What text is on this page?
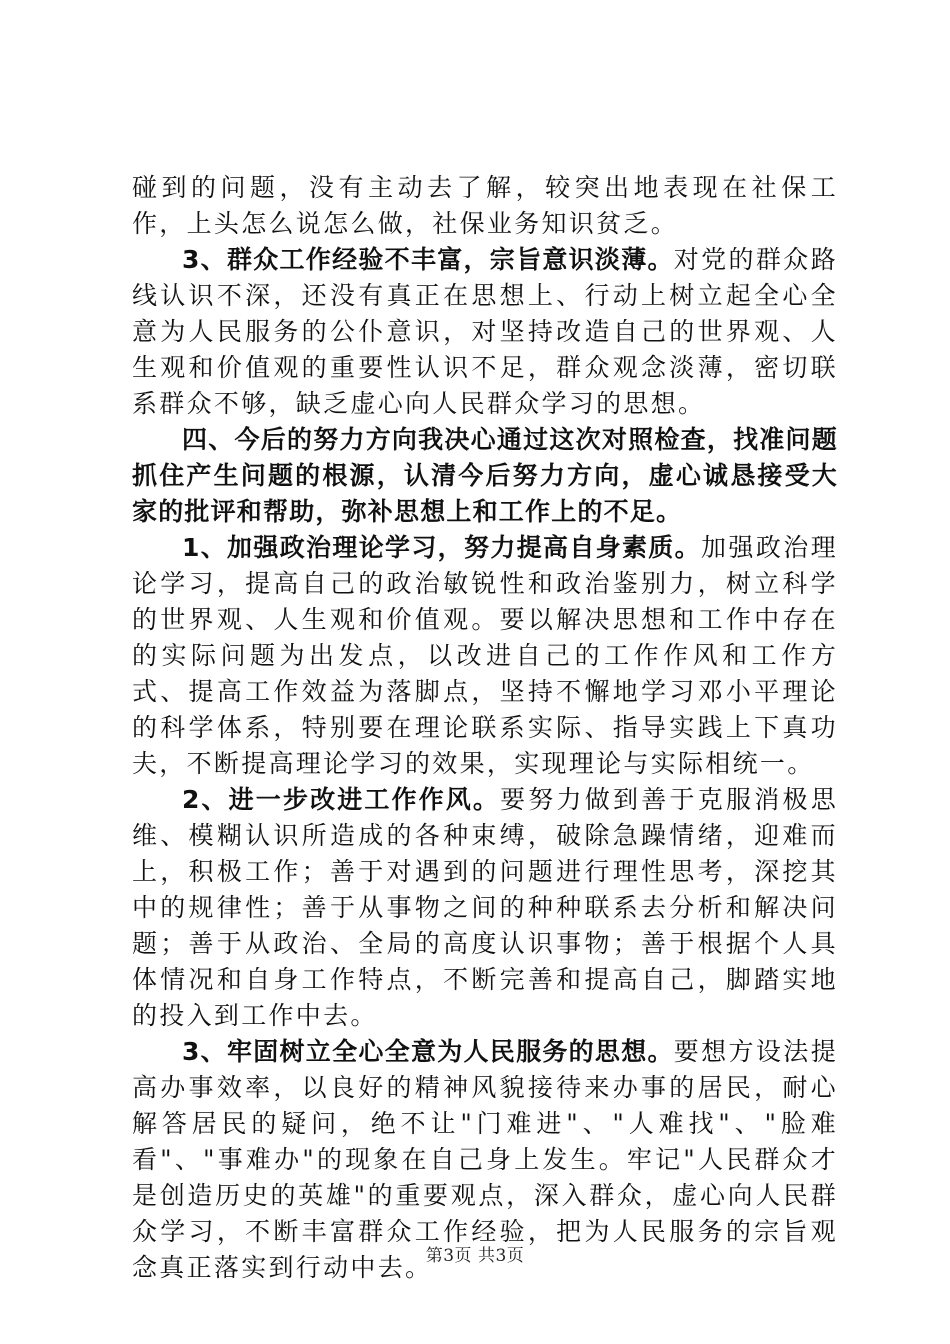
碰到的问题，没有主动去了解，较突出地表现在社保工作，上头怎么说怎么做，社保业务知识贫乏。

3、群众工作经验不丰富，宗旨意识淡薄。对党的群众路线认识不深，还没有真正在思想上、行动上树立起全心全意为人民服务的公仆意识，对坚持改造自己的世界观、人生观和价值观的重要性认识不足，群众观念淡薄，密切联系群众不够，缺乏虚心向人民群众学习的思想。

四、今后的努力方向我决心通过这次对照检查，找准问题抓住产生问题的根源，认清今后努力方向，虚心诚恳接受大家的批评和帮助，弥补思想上和工作上的不足。

1、加强政治理论学习，努力提高自身素质。加强政治理论学习，提高自己的政治敏锐性和政治鉴别力，树立科学的世界观、人生观和价值观。要以解决思想和工作中存在的实际问题为出发点，以改进自己的工作作风和工作方式、提高工作效益为落脚点，坚持不懈地学习邓小平理论的科学体系，特别要在理论联系实际、指导实践上下真功夫，不断提高理论学习的效果，实现理论与实际相统一。

2、进一步改进工作作风。要努力做到善于克服消极思维、模糊认识所造成的各种束缚，破除急躁情绪，迎难而上，积极工作；善于对遇到的问题进行理性思考，深挖其中的规律性；善于从事物之间的种种联系去分析和解决问题；善于从政治、全局的高度认识事物；善于根据个人具体情况和自身工作特点，不断完善和提高自己，脚踏实地的投入到工作中去。

3、牢固树立全心全意为人民服务的思想。要想方设法提高办事效率，以良好的精神风貌接待来办事的居民，耐心解答居民的疑问，绝不让"门难进"、"人难找"、"脸难看"、"事难办"的现象在自己身上发生。牢记"人民群众才是创造历史的英雄"的重要观点，深入群众，虚心向人民群众学习，不断丰富群众工作经验，把为人民服务的宗旨观念真正落实到行动中去。

第3页 共3页
